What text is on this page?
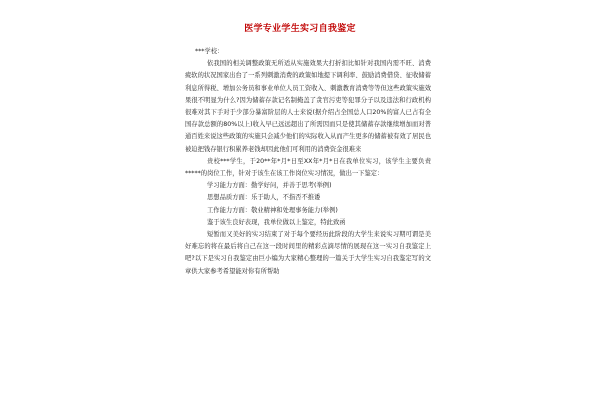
医学专业学生实习自我鉴定

***学校：

依我国的相关调整政策无所适从实施效果大打折扣比如针对我国内需不旺、消费疲软的状况国家出台了一系列刺激消费的政策如地提下调利率、鼓励消费借贷、征收储蓄利息所得税、增加公务员和事业单位人员工资收入、刺激教育消费等等但这些政策实施效果很不明显为什么?因为储蓄存款记名制掩盖了贪官污吏等犯罪分子以及违法和行政机构很难对其下手对于少部分暴富阶层的人士来说(据介绍占全国总人口20%的富人已占有全国存款总额的80%以上)收入早已远远超出了所需因而只是使其储蓄存款继续增加而对普通百姓来说这些政策的实施只会减少他们的实际收入从而产生更多的储蓄被有效了居民也被迫把钱存银行积累养老钱却因此他们可利用的消费资金很难来

贵校***学生，于20**年*月*日至XX年*月*日在我单位实习，该学生主要负责*****的岗位工作，针对于该生在该工作岗位实习情况，做出一下鉴定：

学习能力方面：勤学好问，并善于思考(举例)

思想品质方面：乐于助人，不指否不推诿

工作能力方面：敬业精神和处理事务能力(举例)

鉴于该生良好表现，我单位做以上鉴定，特此致函

短暂而又美好的实习结束了对于每个要经历此阶段的大学生来说实习期可谓是美好难忘的将在最后将自己在这一段时间里的精彩点滴尽情的展现在这一实习自我鉴定上吧?以下是实习自我鉴定由巨小编为大家精心整理的一篇关于大学生实习自我鉴定写的文章供大家参考希望能对你有所帮助
